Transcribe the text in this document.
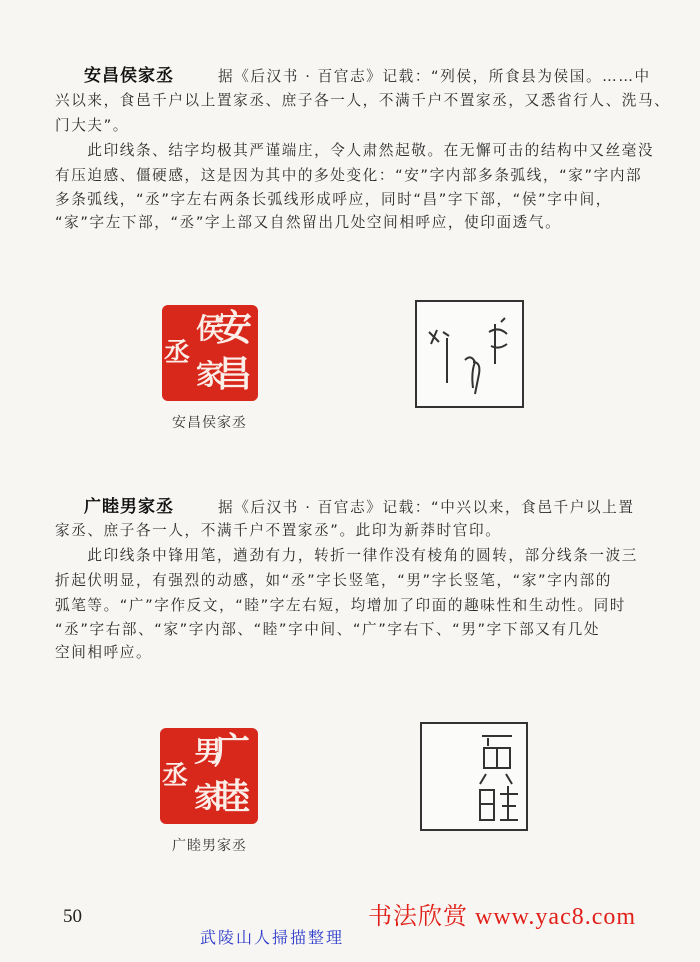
安昌侯家丞	据《后汉书 · 百官志》记载：“列侯，所食县为侯国。……中
兴以来，食邑千户以上置家丞、庶子各一人，不满千户不置家丞，又悉省行人、洗马、
门大夫”。
　　此印线条、结字均极其严谨端庄，令人肃然起敬。在无懈可击的结构中又丝毫没
有压迫感、僵硬感，这是因为其中的多处变化：“安”字内部多条弧线，“家”字内部
多条弧线，“丞”字左右两条长弧线形成呼应，同时“昌”字下部，“侯”字中间，
“家”字左下部，“丞”字上部又自然留出几处空间相呼应，使印面透气。
安
昌
侯
家
丞
安昌侯家丞
广睦男家丞	据《后汉书 · 百官志》记载：“中兴以来，食邑千户以上置
家丞、庶子各一人，不满千户不置家丞”。此印为新莽时官印。
　　此印线条中锋用笔，遒劲有力，转折一律作没有棱角的圆转，部分线条一波三
折起伏明显，有强烈的动感，如“丞”字长竖笔，“男”字长竖笔，“家”字内部的
弧笔等。“广”字作反文，“睦”字左右短，均增加了印面的趣味性和生动性。同时
“丞”字右部、“家”字内部、“睦”字中间、“广”字右下、“男”字下部又有几处
空间相呼应。
广
睦
男
家
丞
广睦男家丞
50
武陵山人掃描整理
书法欣赏 www.yac8.com
